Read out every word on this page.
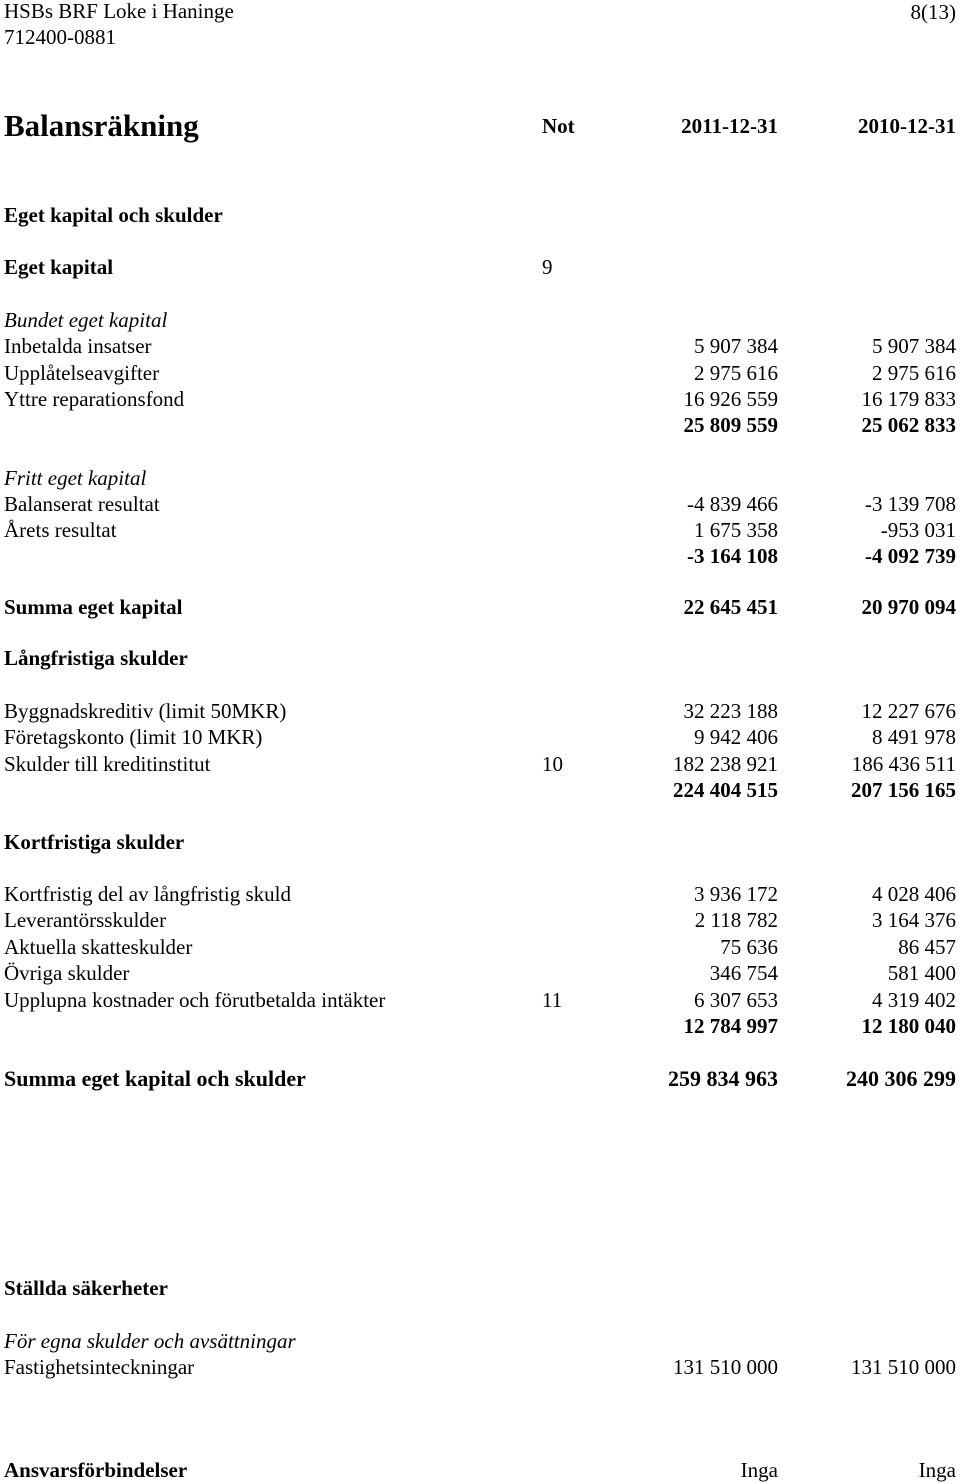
HSBs BRF Loke i Haninge
712400-0881
8(13)
Balansräkning	Not	2011-12-31	2010-12-31
Eget kapital och skulder
Eget kapital	9
Bundet eget kapital
Inbetalda insatser	5 907 384	5 907 384
Upplåtelseavgifter	2 975 616	2 975 616
Yttre reparationsfond	16 926 559	16 179 833
25 809 559	25 062 833
Fritt eget kapital
Balanserat resultat	-4 839 466	-3 139 708
Årets resultat	1 675 358	-953 031
-3 164 108	-4 092 739
Summa eget kapital	22 645 451	20 970 094
Långfristiga skulder
Byggnadskreditiv (limit 50MKR)	32 223 188	12 227 676
Företagskonto (limit 10 MKR)	9 942 406	8 491 978
Skulder till kreditinstitut	10	182 238 921	186 436 511
224 404 515	207 156 165
Kortfristiga skulder
Kortfristig del av långfristig skuld	3 936 172	4 028 406
Leverantörsskulder	2 118 782	3 164 376
Aktuella skatteskulder	75 636	86 457
Övriga skulder	346 754	581 400
Upplupna kostnader och förutbetalda intäkter	11	6 307 653	4 319 402
12 784 997	12 180 040
Summa eget kapital och skulder	259 834 963	240 306 299
Ställda säkerheter
För egna skulder och avsättningar
Fastighetsinteckningar	131 510 000	131 510 000
Ansvarsförbindelser	Inga	Inga
